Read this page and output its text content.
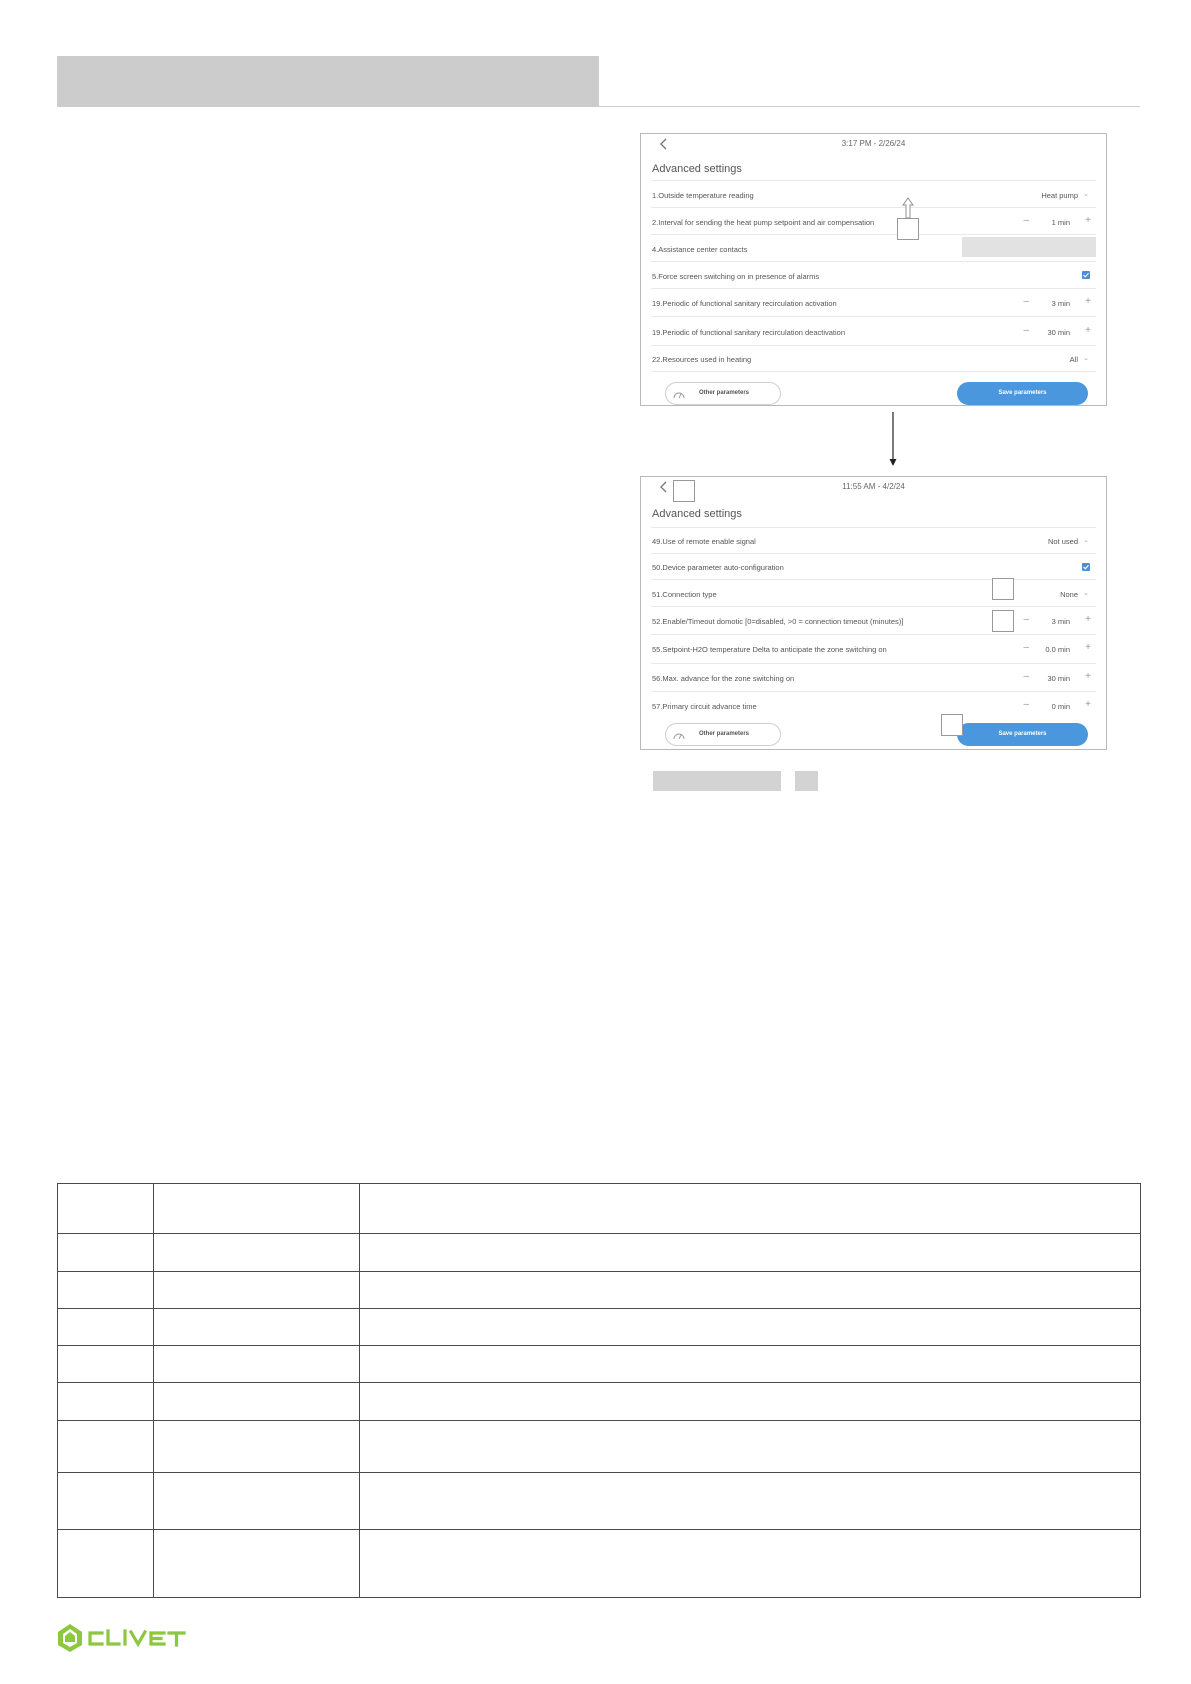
3:17 PM - 2/26/24
Advanced settings
1.Outside temperature reading	Heat pump ⌄
2.Interval for sending the heat pump setpoint and air compensation	–	1 min +
4.Assistance center contacts
5.Force screen switching on in presence of alarms
19.Periodic of functional sanitary recirculation activation	–	3 min +
19.Periodic of functional sanitary recirculation deactivation	– 30 min +
22.Resources used in heating	All ⌄
Other parameters	Save parameters
11:55 AM - 4/2/24
Advanced settings
49.Use of remote enable signal	Not used ⌄
50.Device parameter auto-configuration
51.Connection type	None ⌄
52.Enable/Timeout domotic [0=disabled, >0 = connection timeout (minutes)]	–	3 min +
55.Setpoint-H2O temperature Delta to anticipate the zone switching on	– 0.0 min +
56.Max. advance for the zone switching on	– 30 min +
57.Primary circuit advance time	–	0 min +
Other parameters	Save parameters
